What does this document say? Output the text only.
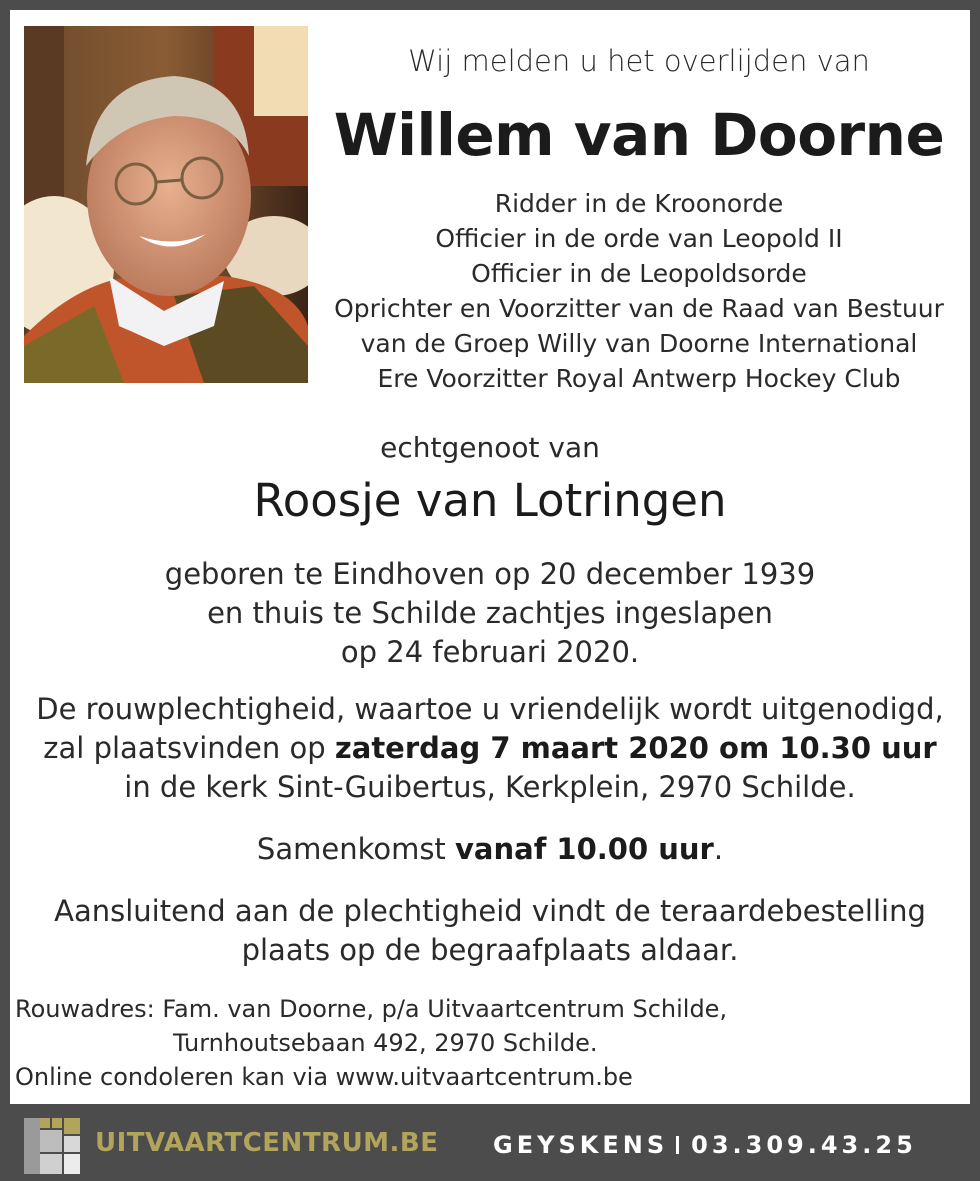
Wij melden u het overlijden van
Willem van Doorne
Ridder in de Kroonorde
Officier in de orde van Leopold II
Officier in de Leopoldsorde
Oprichter en Voorzitter van de Raad van Bestuur
van de Groep Willy van Doorne International
Ere Voorzitter Royal Antwerp Hockey Club
echtgenoot van
Roosje van Lotringen
geboren te Eindhoven op 20 december 1939
en thuis te Schilde zachtjes ingeslapen
op 24 februari 2020.
De rouwplechtigheid, waartoe u vriendelijk wordt uitgenodigd,
zal plaatsvinden op zaterdag 7 maart 2020 om 10.30 uur
in de kerk Sint-Guibertus, Kerkplein, 2970 Schilde.
Samenkomst vanaf 10.00 uur.
Aansluitend aan de plechtigheid vindt de teraardebestelling
plaats op de begraafplaats aldaar.
Rouwadres: Fam. van Doorne, p/a Uitvaartcentrum Schilde,
Turnhoutsebaan 492, 2970 Schilde.
Online condoleren kan via www.uitvaartcentrum.be
UITVAARTCENTRUM.BE GEYSKENS 03.309.43.25
